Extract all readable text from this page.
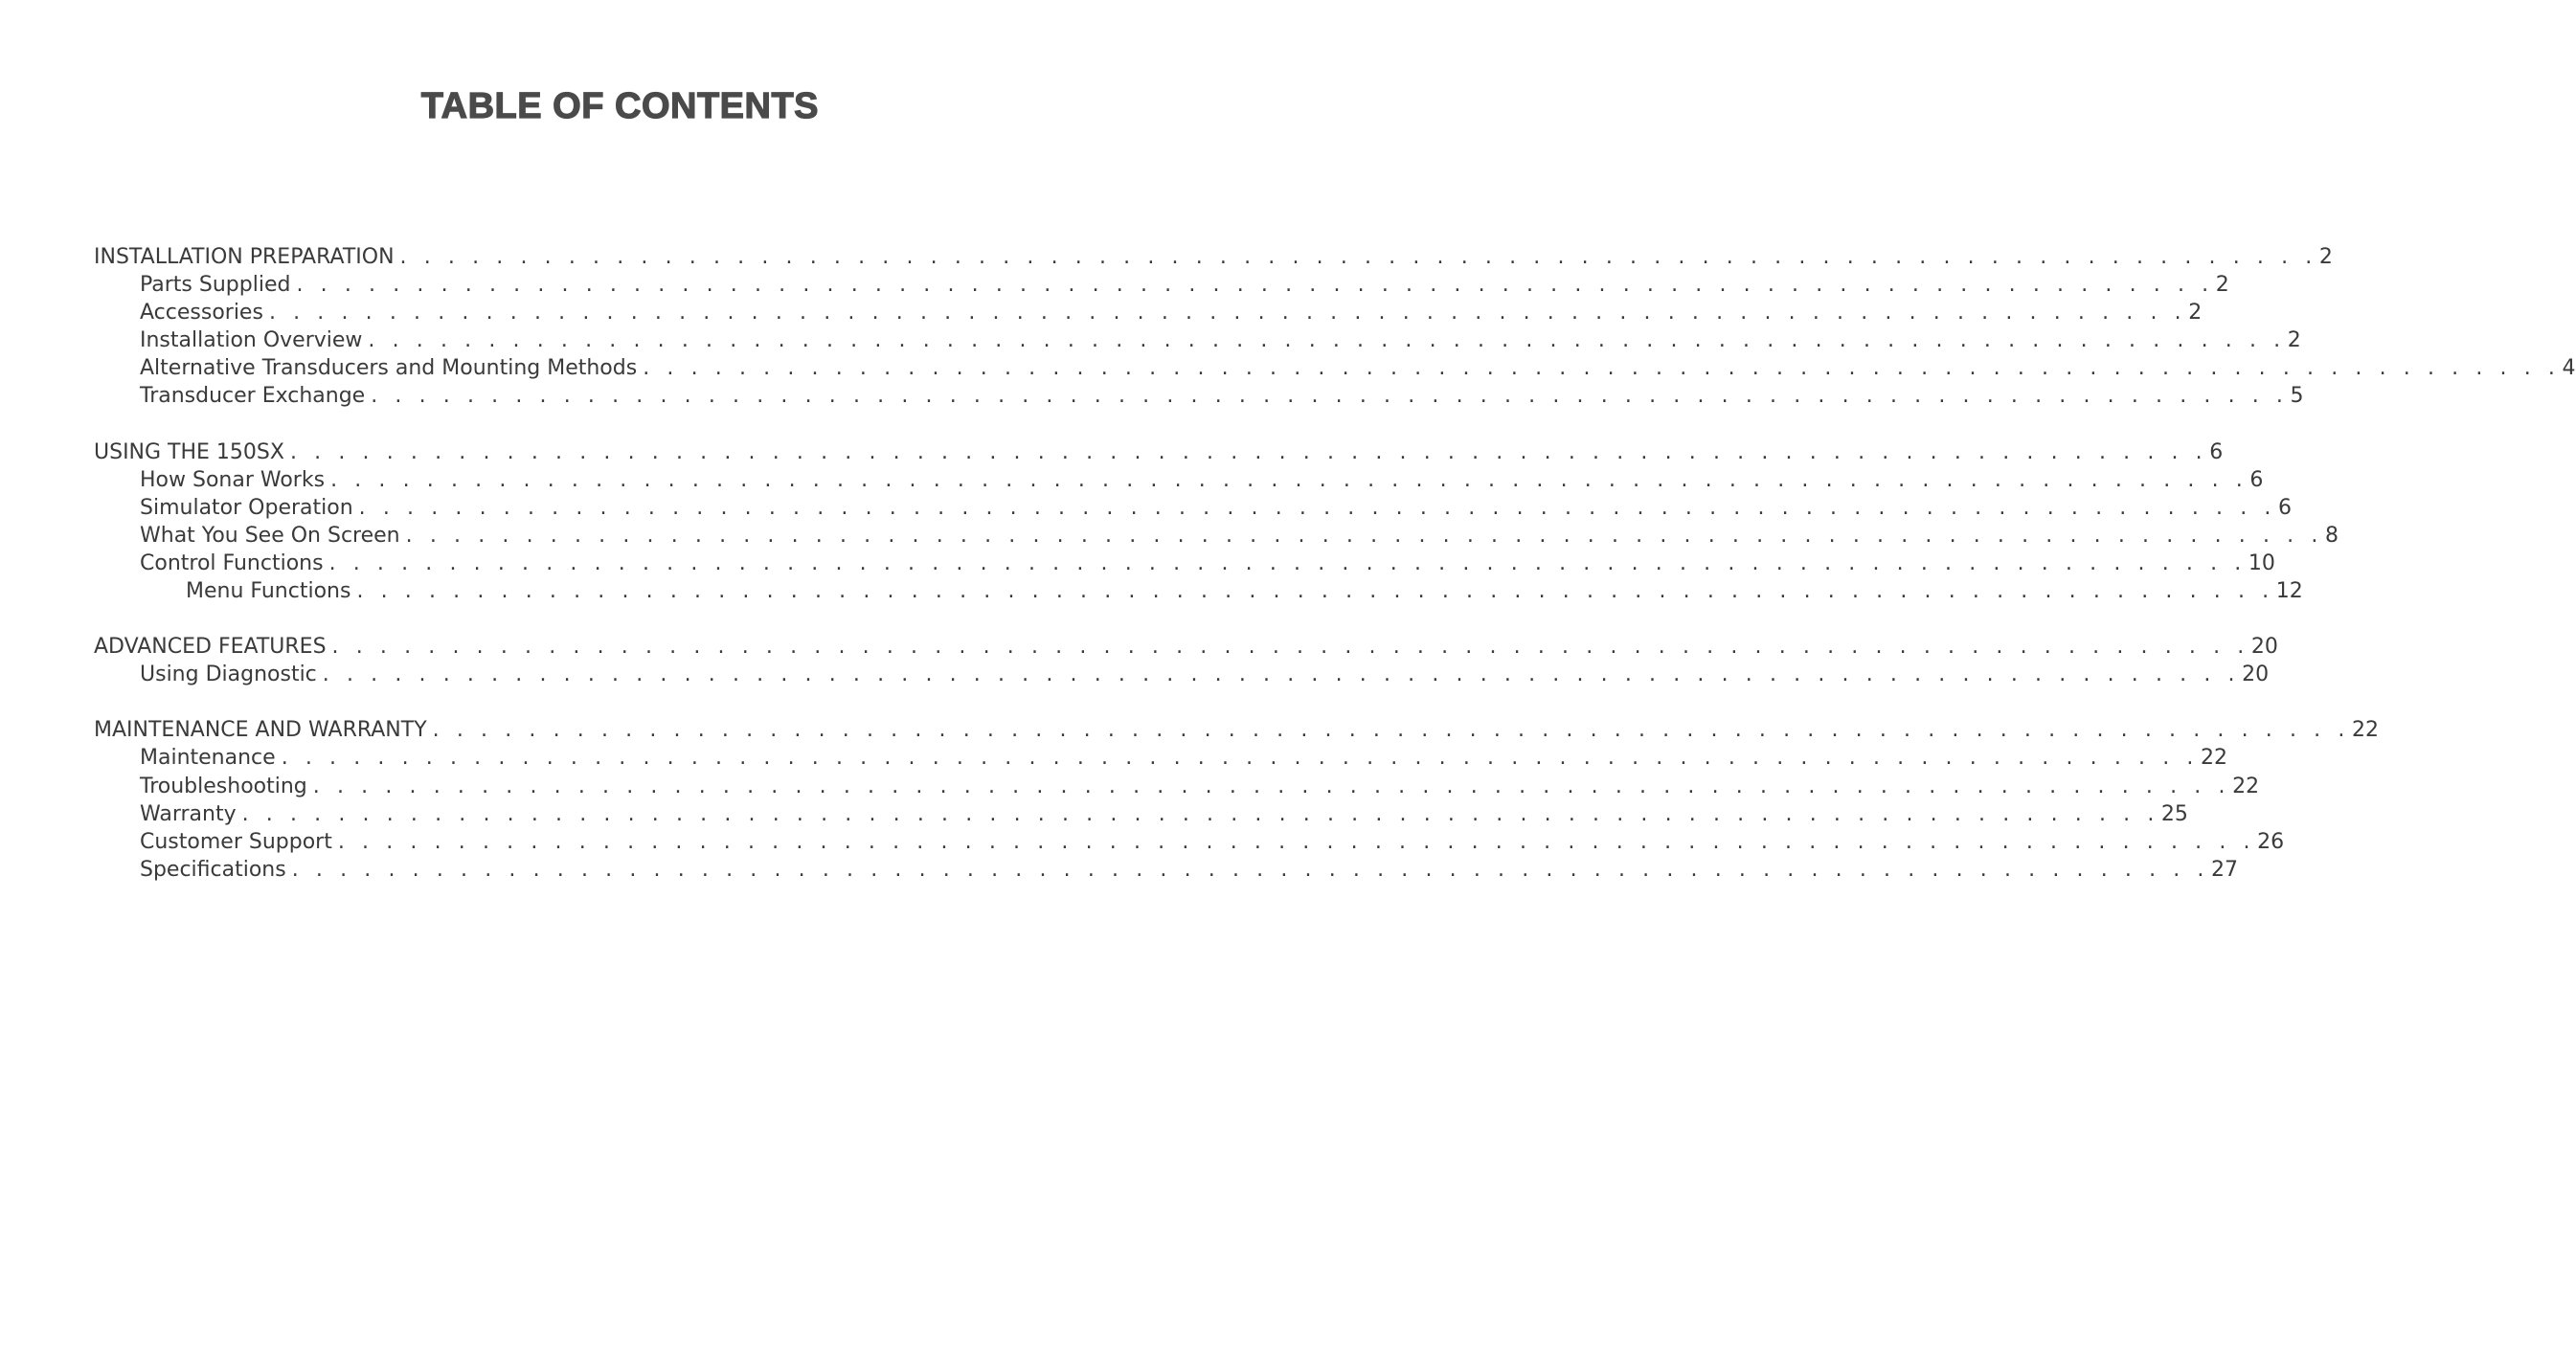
TABLE OF CONTENTS
INSTALLATION PREPARATION . . . . . . . . . . . . . . . . . . . . . . . . . . . . . . . . . . . . . . . . . . . . . . . . . . . . . . . . . . . . . . . . . . . . . . . . . . . . . . . . 2
Parts Supplied . . . . . . . . . . . . . . . . . . . . . . . . . . . . . . . . . . . . . . . . . . . . . . . . . . . . . . . . . . . . . . . . . . . . . . . . . . . . . . . . 2
Accessories . . . . . . . . . . . . . . . . . . . . . . . . . . . . . . . . . . . . . . . . . . . . . . . . . . . . . . . . . . . . . . . . . . . . . . . . . . . . . . . . 2
Installation Overview . . . . . . . . . . . . . . . . . . . . . . . . . . . . . . . . . . . . . . . . . . . . . . . . . . . . . . . . . . . . . . . . . . . . . . . . . . . . . . . . 2
Alternative Transducers and Mounting Methods . . . . . . . . . . . . . . . . . . . . . . . . . . . . . . . . . . . . . . . . . . . . . . . . . . . . . . . . . . . . . . . . . . . . . . . . . . . . . . . . 4
Transducer Exchange . . . . . . . . . . . . . . . . . . . . . . . . . . . . . . . . . . . . . . . . . . . . . . . . . . . . . . . . . . . . . . . . . . . . . . . . . . . . . . . . 5
USING THE 150SX . . . . . . . . . . . . . . . . . . . . . . . . . . . . . . . . . . . . . . . . . . . . . . . . . . . . . . . . . . . . . . . . . . . . . . . . . . . . . . . . 6
How Sonar Works . . . . . . . . . . . . . . . . . . . . . . . . . . . . . . . . . . . . . . . . . . . . . . . . . . . . . . . . . . . . . . . . . . . . . . . . . . . . . . . . 6
Simulator Operation . . . . . . . . . . . . . . . . . . . . . . . . . . . . . . . . . . . . . . . . . . . . . . . . . . . . . . . . . . . . . . . . . . . . . . . . . . . . . . . . 6
What You See On Screen . . . . . . . . . . . . . . . . . . . . . . . . . . . . . . . . . . . . . . . . . . . . . . . . . . . . . . . . . . . . . . . . . . . . . . . . . . . . . . . . 8
Control Functions . . . . . . . . . . . . . . . . . . . . . . . . . . . . . . . . . . . . . . . . . . . . . . . . . . . . . . . . . . . . . . . . . . . . . . . . . . . . . . . . 10
Menu Functions . . . . . . . . . . . . . . . . . . . . . . . . . . . . . . . . . . . . . . . . . . . . . . . . . . . . . . . . . . . . . . . . . . . . . . . . . . . . . . . . 12
ADVANCED FEATURES . . . . . . . . . . . . . . . . . . . . . . . . . . . . . . . . . . . . . . . . . . . . . . . . . . . . . . . . . . . . . . . . . . . . . . . . . . . . . . . . 20
Using Diagnostic . . . . . . . . . . . . . . . . . . . . . . . . . . . . . . . . . . . . . . . . . . . . . . . . . . . . . . . . . . . . . . . . . . . . . . . . . . . . . . . . 20
MAINTENANCE AND WARRANTY . . . . . . . . . . . . . . . . . . . . . . . . . . . . . . . . . . . . . . . . . . . . . . . . . . . . . . . . . . . . . . . . . . . . . . . . . . . . . . . . 22
Maintenance . . . . . . . . . . . . . . . . . . . . . . . . . . . . . . . . . . . . . . . . . . . . . . . . . . . . . . . . . . . . . . . . . . . . . . . . . . . . . . . . 22
Troubleshooting . . . . . . . . . . . . . . . . . . . . . . . . . . . . . . . . . . . . . . . . . . . . . . . . . . . . . . . . . . . . . . . . . . . . . . . . . . . . . . . . 22
Warranty . . . . . . . . . . . . . . . . . . . . . . . . . . . . . . . . . . . . . . . . . . . . . . . . . . . . . . . . . . . . . . . . . . . . . . . . . . . . . . . . 25
Customer Support . . . . . . . . . . . . . . . . . . . . . . . . . . . . . . . . . . . . . . . . . . . . . . . . . . . . . . . . . . . . . . . . . . . . . . . . . . . . . . . . 26
Specifications . . . . . . . . . . . . . . . . . . . . . . . . . . . . . . . . . . . . . . . . . . . . . . . . . . . . . . . . . . . . . . . . . . . . . . . . . . . . . . . . 27
